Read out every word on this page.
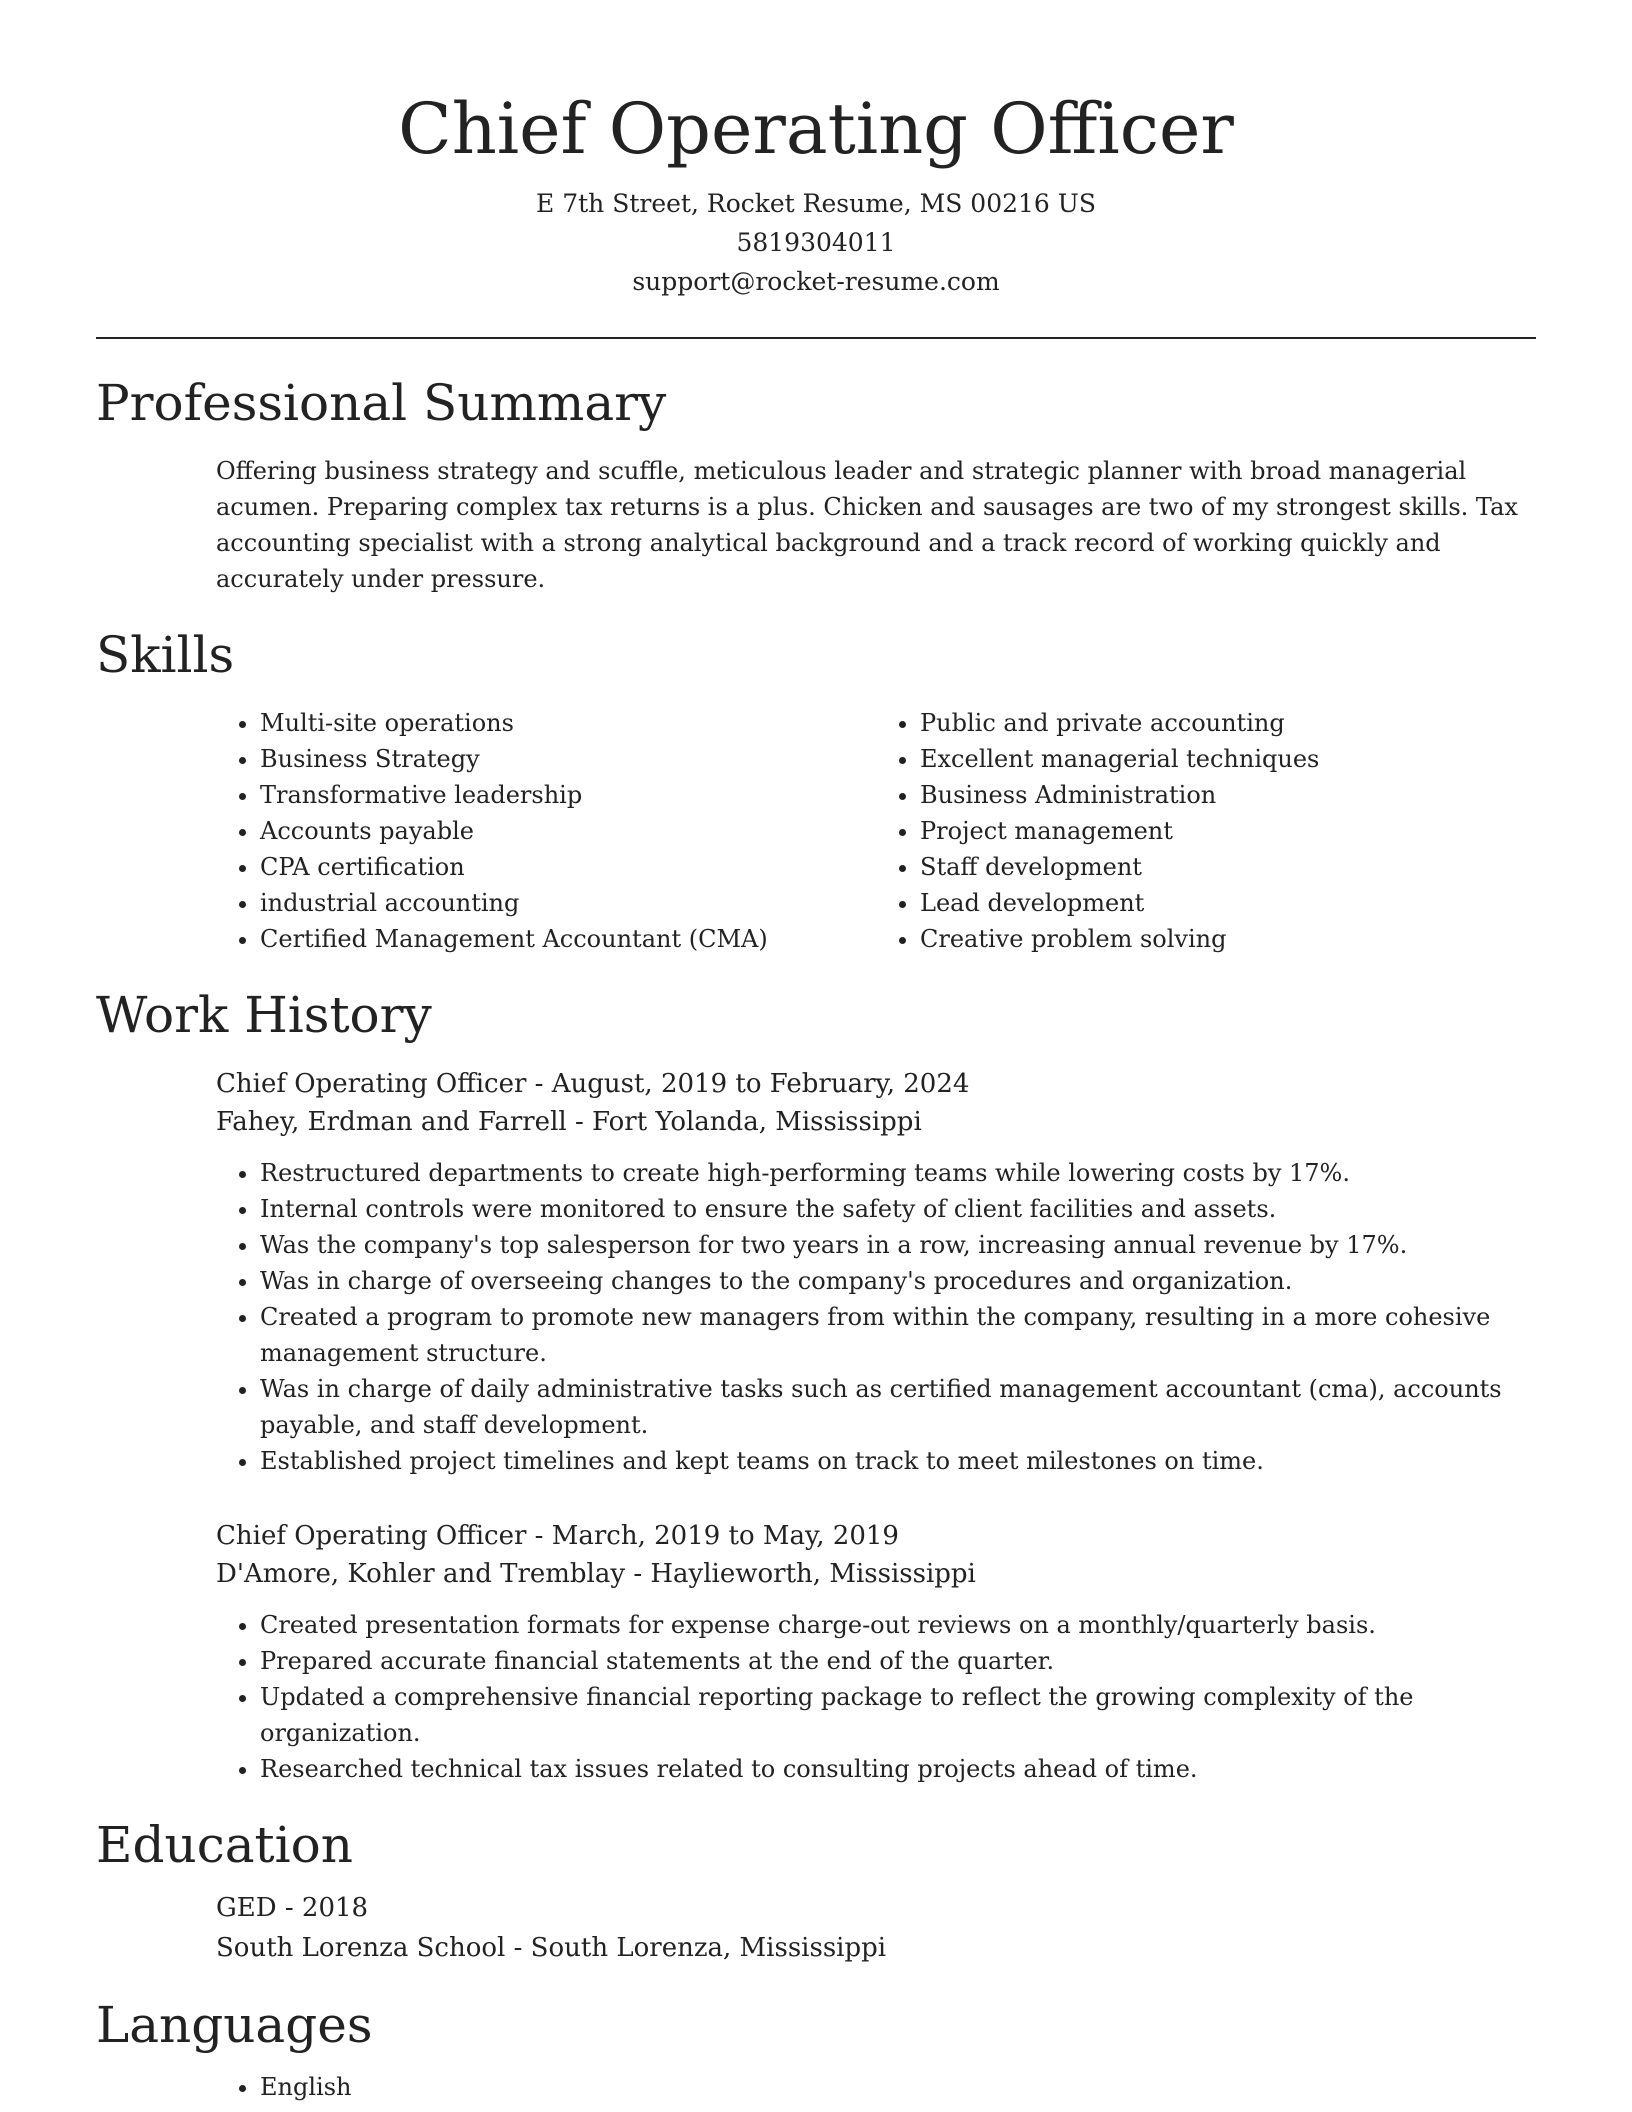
Chief Operating Officer
E 7th Street, Rocket Resume, MS 00216 US
5819304011
support@rocket-resume.com
Professional Summary

Offering business strategy and scuffle, meticulous leader and strategic planner with broad managerial acumen. Preparing complex tax returns is a plus. Chicken and sausages are two of my strongest skills. Tax accounting specialist with a strong analytical background and a track record of working quickly and accurately under pressure.

Skills
• Multi-site operations
• Business Strategy
• Transformative leadership
• Accounts payable
• CPA certification
• industrial accounting
• Certified Management Accountant (CMA)
• Public and private accounting
• Excellent managerial techniques
• Business Administration
• Project management
• Staff development
• Lead development
• Creative problem solving
Work History
Chief Operating Officer - August, 2019 to February, 2024
Fahey, Erdman and Farrell - Fort Yolanda, Mississippi
• Restructured departments to create high-performing teams while lowering costs by 17%.
• Internal controls were monitored to ensure the safety of client facilities and assets.
• Was the company's top salesperson for two years in a row, increasing annual revenue by 17%.
• Was in charge of overseeing changes to the company's procedures and organization.
• Created a program to promote new managers from within the company, resulting in a more cohesive management structure.
• Was in charge of daily administrative tasks such as certified management accountant (cma), accounts payable, and staff development.
• Established project timelines and kept teams on track to meet milestones on time.
Chief Operating Officer - March, 2019 to May, 2019
D'Amore, Kohler and Tremblay - Haylieworth, Mississippi
• Created presentation formats for expense charge-out reviews on a monthly/quarterly basis.
• Prepared accurate financial statements at the end of the quarter.
• Updated a comprehensive financial reporting package to reflect the growing complexity of the organization.
• Researched technical tax issues related to consulting projects ahead of time.
Education
GED - 2018
South Lorenza School - South Lorenza, Mississippi
Languages
• English
